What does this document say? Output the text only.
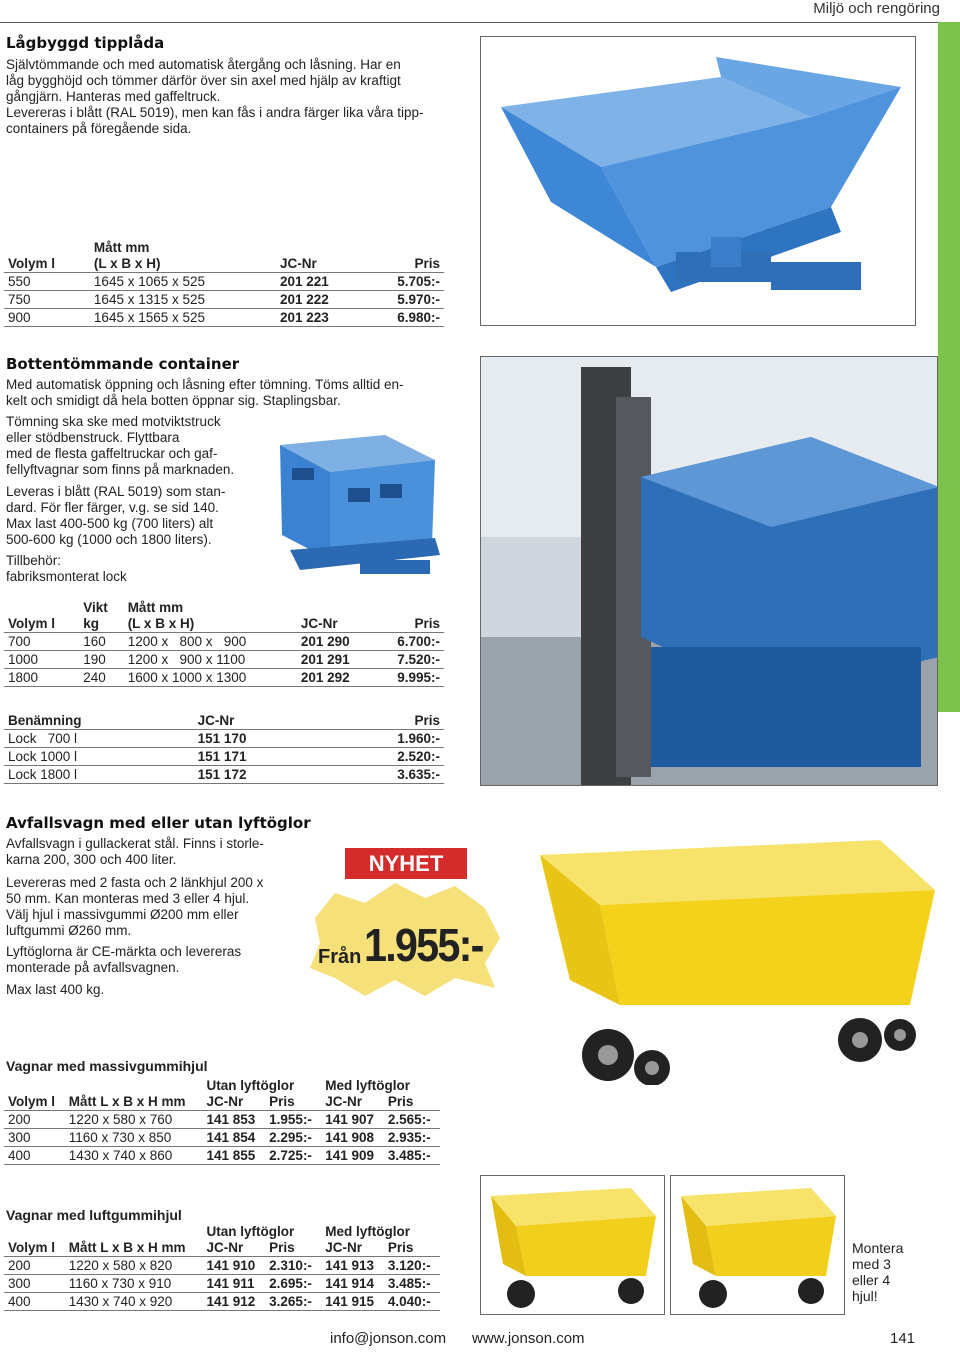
Miljö och rengöring
Lågbyggd tipplåda
Självtömmande och med automatisk återgång och låsning. Har en
låg bygghöjd och tömmer därför över sin axel med hjälp av kraftigt
gångjärn. Hanteras med gaffeltruck.
Levereras i blått (RAL 5019), men kan fås i andra färger lika våra tipp-
containers på föregående sida.
	Mått mm		
Volym l	(L x B x H)	JC-Nr	Pris
550	1645 x 1065 x 525	201 221	5.705:-
750	1645 x 1315 x 525	201 222	5.970:-
900	1645 x 1565 x 525	201 223	6.980:-
Bottentömmande container
Med automatisk öppning och låsning efter tömning. Töms alltid en-
kelt och smidigt då hela botten öppnar sig. Staplingsbar.
Tömning ska ske med motviktstruck
eller stödbenstruck. Flyttbara
med de flesta gaffeltruckar och gaf-
fellyftvagnar som finns på marknaden.
Leveras i blått (RAL 5019) som stan-
dard. För fler färger, v.g. se sid 140.
Max last 400-500 kg (700 liters) alt
500-600 kg (1000 och 1800 liters).
Tillbehör:
fabriksmonterat lock
	Vikt	Mått mm		
Volym l	kg	(L x B x H)	JC-Nr	Pris
700	160	1200 x   800 x   900	201 290	6.700:-
1000	190	1200 x   900 x 1100	201 291	7.520:-
1800	240	1600 x 1000 x 1300	201 292	9.995:-
Benämning	JC-Nr	Pris
Lock   700 l	151 170	1.960:-
Lock 1000 l	151 171	2.520:-
Lock 1800 l	151 172	3.635:-
Avfallsvagn med eller utan lyftöglor
Avfallsvagn i gullackerat stål. Finns i storle-
karna 200, 300 och 400 liter.
Levereras med 2 fasta och 2 länkhjul 200 x
50 mm. Kan monteras med 3 eller 4 hjul.
Välj hjul i massivgummi Ø200 mm eller
luftgummi Ø260 mm.
Lyftöglorna är CE-märkta och levereras
monterade på avfallsvagnen.
Max last 400 kg.
NYHET
Från 1.955:-
Vagnar med massivgummihjul
		Utan lyftöglor		Med lyftöglor	
Volym l	Mått L x B x H mm	JC-Nr	Pris	JC-Nr	Pris
200	1220 x 580 x 760	141 853	1.955:-	141 907	2.565:-
300	1160 x 730 x 850	141 854	2.295:-	141 908	2.935:-
400	1430 x 740 x 860	141 855	2.725:-	141 909	3.485:-
Vagnar med luftgummihjul
		Utan lyftöglor		Med lyftöglor	
Volym l	Mått L x B x H mm	JC-Nr	Pris	JC-Nr	Pris
200	1220 x 580 x 820	141 910	2.310:-	141 913	3.120:-
300	1160 x 730 x 910	141 911	2.695:-	141 914	3.485:-
400	1430 x 740 x 920	141 912	3.265:-	141 915	4.040:-
Montera
med 3
eller 4
hjul!
info@jonson.com www.jonson.com	141
